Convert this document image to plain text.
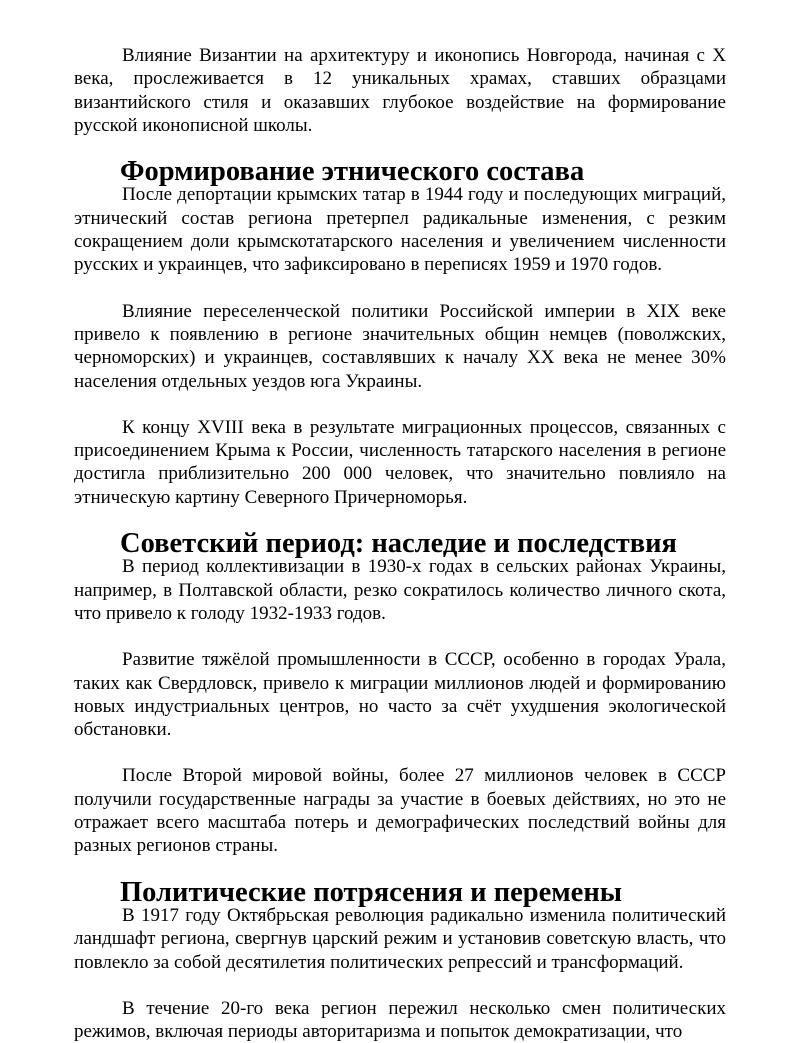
Влияние Византии на архитектуру и иконопись Новгорода, начиная с X века, прослеживается в 12 уникальных храмах, ставших образцами византийского стиля и оказавших глубокое воздействие на формирование русской иконописной школы.

Формирование этнического состава

После депортации крымских татар в 1944 году и последующих миграций, этнический состав региона претерпел радикальные изменения, с резким сокращением доли крымскотатарского населения и увеличением численности русских и украинцев, что зафиксировано в переписях 1959 и 1970 годов.

Влияние переселенческой политики Российской империи в XIX веке привело к появлению в регионе значительных общин немцев (поволжских, черноморских) и украинцев, составлявших к началу XX века не менее 30% населения отдельных уездов юга Украины.

К концу XVIII века в результате миграционных процессов, связанных с присоединением Крыма к России, численность татарского населения в регионе достигла приблизительно 200 000 человек, что значительно повлияло на этническую картину Северного Причерноморья.

Советский период: наследие и последствия

В период коллективизации в 1930-х годах в сельских районах Украины, например, в Полтавской области, резко сократилось количество личного скота, что привело к голоду 1932-1933 годов.

Развитие тяжёлой промышленности в СССР, особенно в городах Урала, таких как Свердловск, привело к миграции миллионов людей и формированию новых индустриальных центров, но часто за счёт ухудшения экологической обстановки.

После Второй мировой войны, более 27 миллионов человек в СССР получили государственные награды за участие в боевых действиях, но это не отражает всего масштаба потерь и демографических последствий войны для разных регионов страны.

Политические потрясения и перемены

В 1917 году Октябрьская революция радикально изменила политический ландшафт региона, свергнув царский режим и установив советскую власть, что повлекло за собой десятилетия политических репрессий и трансформаций.

В течение 20-го века регион пережил несколько смен политических режимов, включая периоды авторитаризма и попыток демократизации, что
